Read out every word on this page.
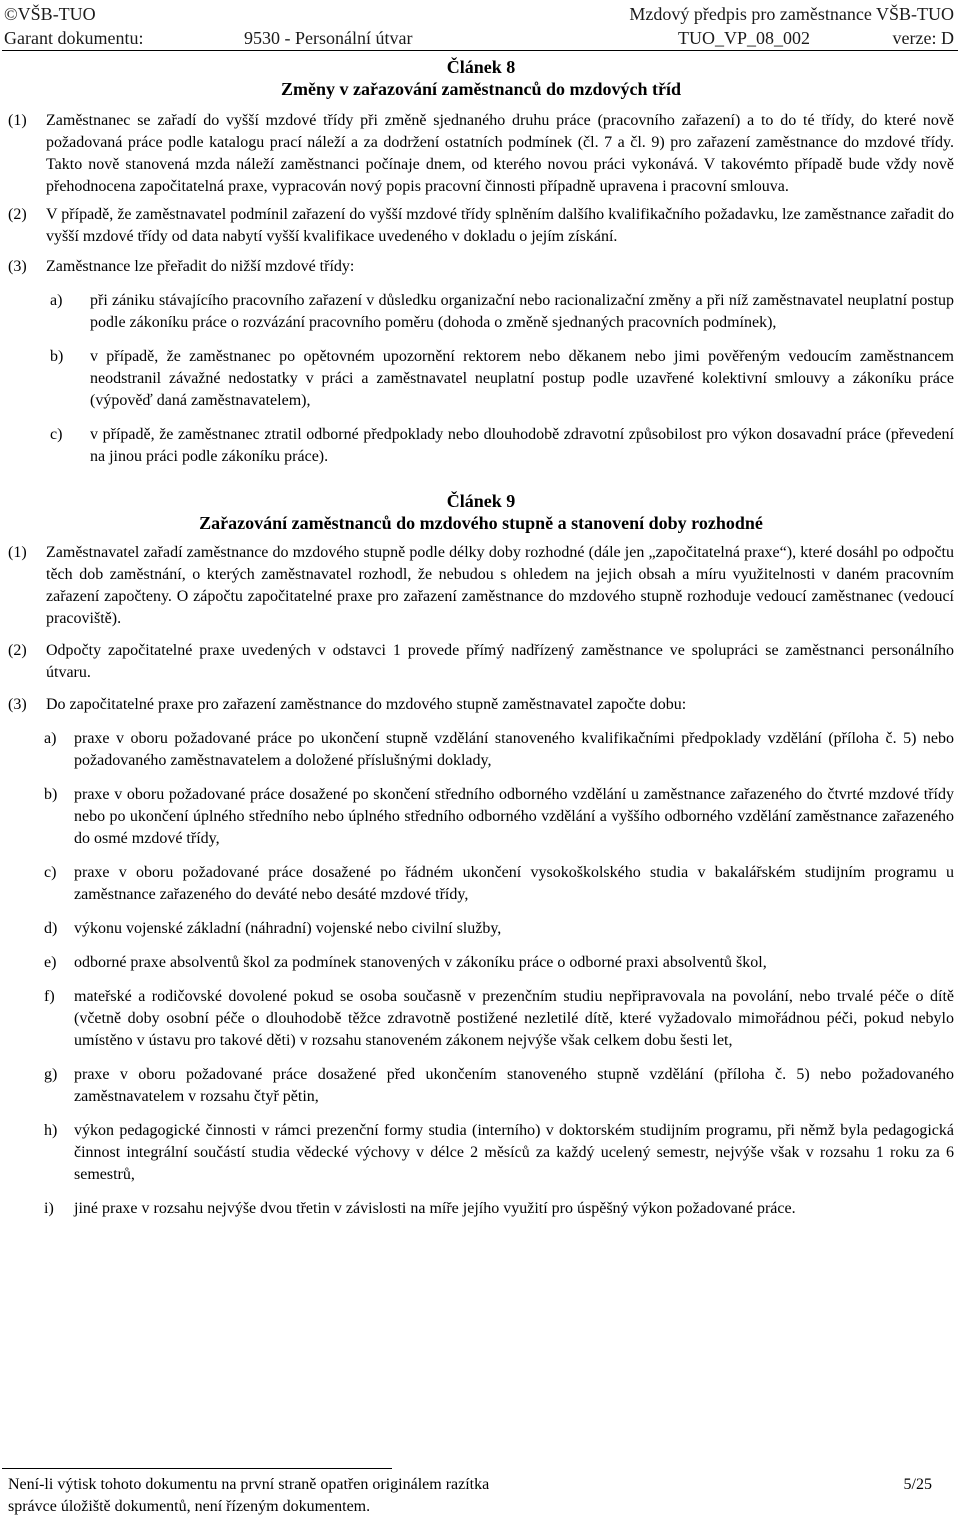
©VŠB-TUO	Mzdový předpis pro zaměstnance VŠB-TUO
Garant dokumentu:	9530 - Personální útvar	TUO_VP_08_002	verze: D
Článek 8
Změny v zařazování zaměstnanců do mzdových tříd
(1) Zaměstnanec se zařadí do vyšší mzdové třídy při změně sjednaného druhu práce (pracovního zařazení) a to do té třídy, do které nově požadovaná práce podle katalogu prací náleží a za dodržení ostatních podmínek (čl. 7 a čl. 9) pro zařazení zaměstnance do mzdové třídy. Takto nově stanovená mzda náleží zaměstnanci počínaje dnem, od kterého novou práci vykonává. V takovémto případě bude vždy nově přehodnocena započitatelná praxe, vypracován nový popis pracovní činnosti případně upravena i pracovní smlouva.
(2) V případě, že zaměstnavatel podmínil zařazení do vyšší mzdové třídy splněním dalšího kvalifikačního požadavku, lze zaměstnance zařadit do vyšší mzdové třídy od data nabytí vyšší kvalifikace uvedeného v dokladu o jejím získání.
(3) Zaměstnance lze přeřadit do nižší mzdové třídy:
a) při zániku stávajícího pracovního zařazení v důsledku organizační nebo racionalizační změny a při níž zaměstnavatel neuplatní postup podle zákoníku práce o rozvázání pracovního poměru (dohoda o změně sjednaných pracovních podmínek),
b) v případě, že zaměstnanec po opětovném upozornění rektorem nebo děkanem nebo jimi pověřeným vedoucím zaměstnancem neodstranil závažné nedostatky v práci a zaměstnavatel neuplatní postup podle uzavřené kolektivní smlouvy a zákoníku práce (výpověď daná zaměstnavatelem),
c) v případě, že zaměstnanec ztratil odborné předpoklady nebo dlouhodobě zdravotní způsobilost pro výkon dosavadní práce (převedení na jinou práci podle zákoníku práce).
Článek 9
Zařazování zaměstnanců do mzdového stupně a stanovení doby rozhodné
(1) Zaměstnavatel zařadí zaměstnance do mzdového stupně podle délky doby rozhodné (dále jen „započitatelná praxe“), které dosáhl po odpočtu těch dob zaměstnání, o kterých zaměstnavatel rozhodl, že nebudou s ohledem na jejich obsah a míru využitelnosti v daném pracovním zařazení započteny. O zápočtu započitatelné praxe pro zařazení zaměstnance do mzdového stupně rozhoduje vedoucí zaměstnanec (vedoucí pracoviště).
(2) Odpočty započitatelné praxe uvedených v odstavci 1 provede přímý nadřízený zaměstnance ve spolupráci se zaměstnanci personálního útvaru.
(3) Do započitatelné praxe pro zařazení zaměstnance do mzdového stupně zaměstnavatel započte dobu:
a) praxe v oboru požadované práce po ukončení stupně vzdělání stanoveného kvalifikačními předpoklady vzdělání (příloha č. 5) nebo požadovaného zaměstnavatelem a doložené příslušnými doklady,
b) praxe v oboru požadované práce dosažené po skončení středního odborného vzdělání u zaměstnance zařazeného do čtvrté mzdové třídy nebo po ukončení úplného středního nebo úplného středního odborného vzdělání a vyššího odborného vzdělání zaměstnance zařazeného do osmé mzdové třídy,
c) praxe v oboru požadované práce dosažené po řádném ukončení vysokoškolského studia v bakalářském studijním programu u zaměstnance zařazeného do deváté nebo desáté mzdové třídy,
d) výkonu vojenské základní (náhradní) vojenské nebo civilní služby,
e) odborné praxe absolventů škol za podmínek stanovených v zákoníku práce o odborné praxi absolventů škol,
f) mateřské a rodičovské dovolené pokud se osoba současně v prezenčním studiu nepřipravovala na povolání, nebo trvalé péče o dítě (včetně doby osobní péče o dlouhodobě těžce zdravotně postižené nezletilé dítě, které vyžadovalo mimořádnou péči, pokud nebylo umístěno v ústavu pro takové děti) v rozsahu stanoveném zákonem nejvýše však celkem dobu šesti let,
g) praxe v oboru požadované práce dosažené před ukončením stanoveného stupně vzdělání (příloha č. 5) nebo požadovaného zaměstnavatelem v rozsahu čtyř pětin,
h) výkon pedagogické činnosti v rámci prezenční formy studia (interního) v doktorském studijním programu, při němž byla pedagogická činnost integrální součástí studia vědecké výchovy v délce 2 měsíců za každý ucelený semestr, nejvýše však v rozsahu 1 roku za 6 semestrů,
i) jiné praxe v rozsahu nejvýše dvou třetin v závislosti na míře jejího využití pro úspěšný výkon požadované práce.
Není-li výtisk tohoto dokumentu na první straně opatřen originálem razítka
správce úložiště dokumentů, není řízeným dokumentem.
5/25
